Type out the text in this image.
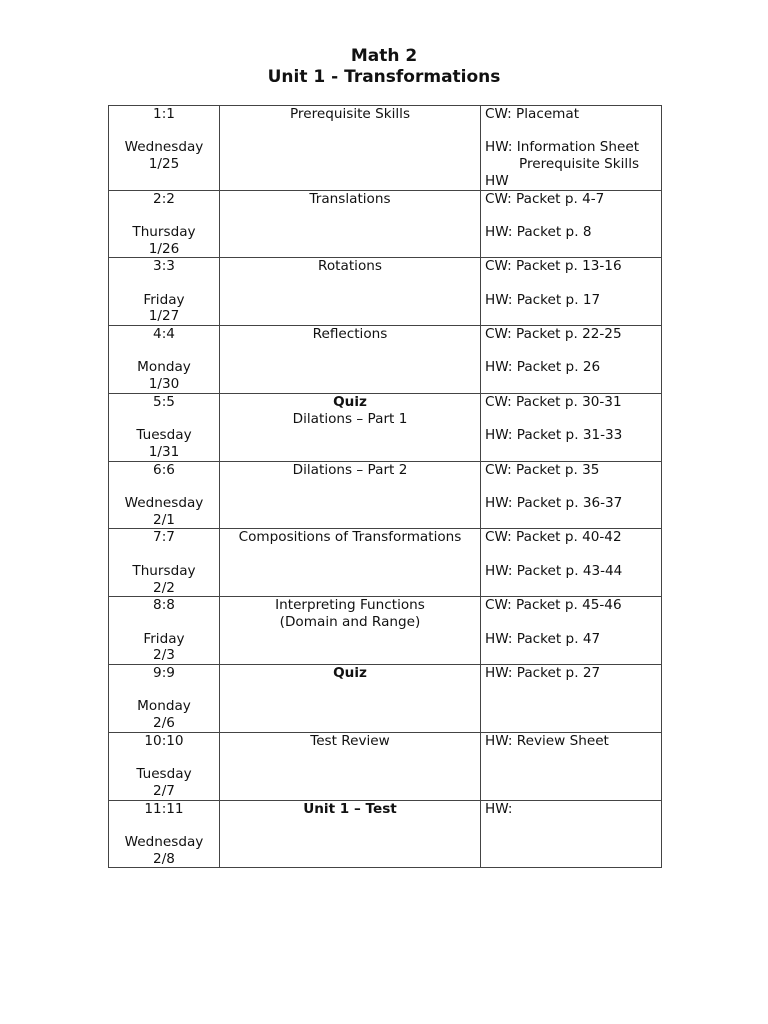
Math 2
Unit 1 - Transformations
1:1
Wednesday
1/25	Prerequisite Skills	CW: Placemat
HW: Information Sheet
Prerequisite Skills
HW

2:2
Thursday
1/26	Translations	CW: Packet p. 4-7
HW: Packet p. 8

3:3
Friday
1/27	Rotations	CW: Packet p. 13-16
HW: Packet p. 17

4:4
Monday
1/30	Reflections	CW: Packet p. 22-25
HW: Packet p. 26

5:5
Tuesday
1/31	Quiz
Dilations – Part 1	CW: Packet p. 30-31
HW: Packet p. 31-33

6:6
Wednesday
2/1	Dilations – Part 2	CW: Packet p. 35
HW: Packet p. 36-37

7:7
Thursday
2/2	Compositions of Transformations	CW: Packet p. 40-42
HW: Packet p. 43-44

8:8
Friday
2/3	Interpreting Functions
(Domain and Range)	CW: Packet p. 45-46
HW: Packet p. 47

9:9
Monday
2/6	Quiz	HW: Packet p. 27

10:10
Tuesday
2/7	Test Review	HW: Review Sheet

11:11
Wednesday
2/8	Unit 1 – Test	HW:
